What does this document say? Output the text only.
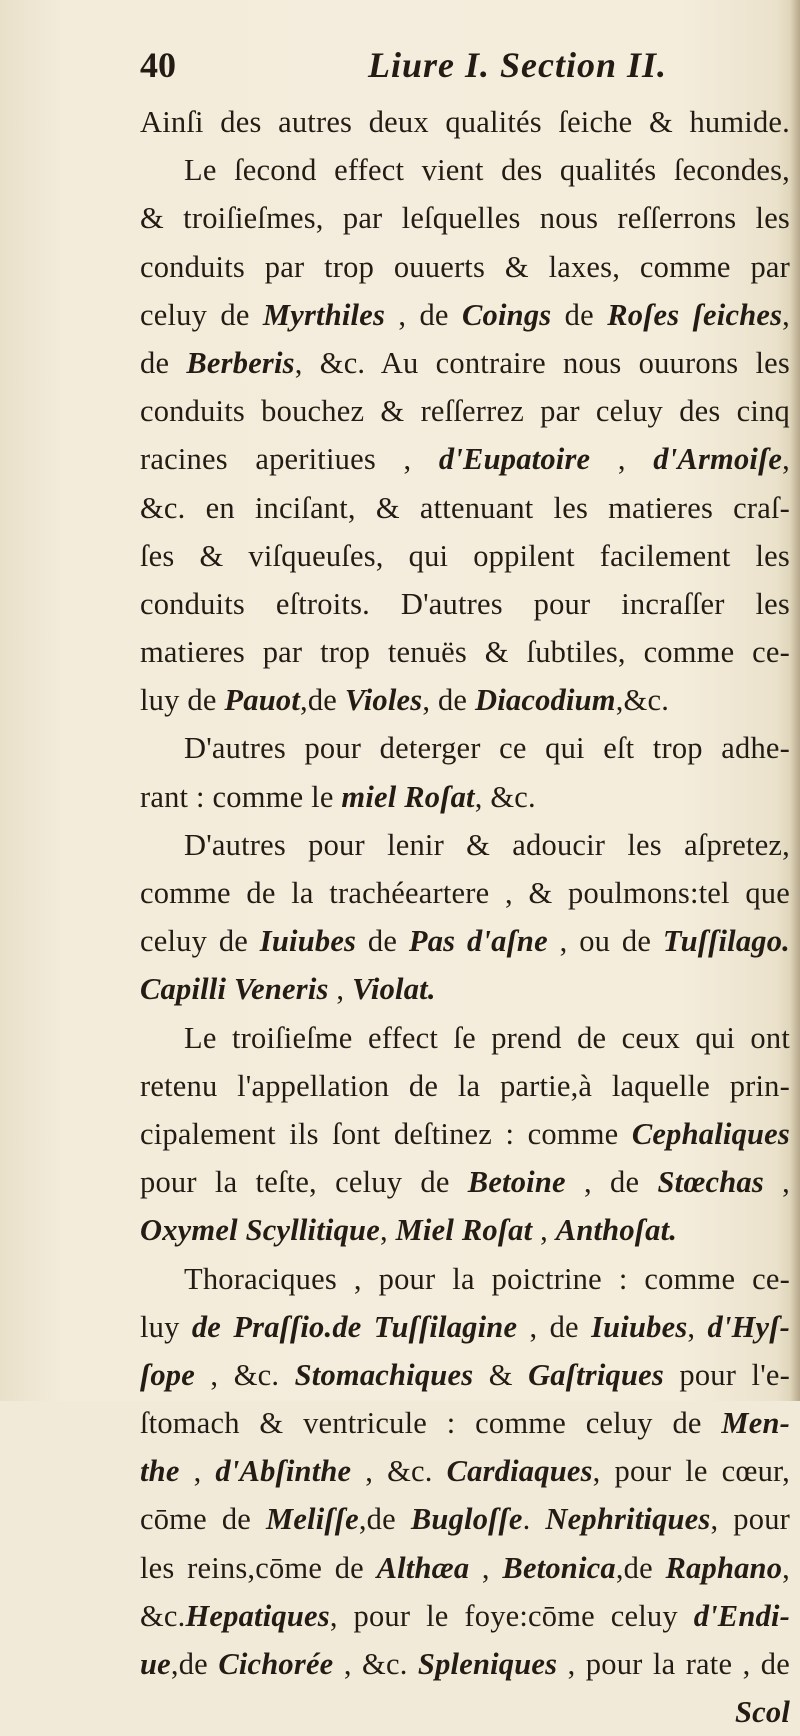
40	Liure I. Section II.
Ainſi des autres deux qualités ſeiche & humide.
Le ſecond effect vient des qualités ſecondes,
& troiſieſmes, par leſquelles nous reſſerrons les
conduits par trop ouuerts & laxes, comme par
celuy de Myrthiles , de Coings de Roſes ſeiches,
de Berberis, &c. Au contraire nous ouurons les
conduits bouchez & reſſerrez par celuy des cinq
racines aperitiues , d'Eupatoire , d'Armoiſe,
&c. en inciſant, & attenuant les matieres craſ-
ſes & viſqueuſes, qui oppilent facilement les
conduits eſtroits. D'autres pour incraſſer les
matieres par trop tenuës & ſubtiles, comme ce-
luy de Pauot,de Violes, de Diacodium,&c.
D'autres pour deterger ce qui eſt trop adhe-
rant : comme le miel Roſat, &c.
D'autres pour lenir & adoucir les aſpretez,
comme de la trachéeartere , & poulmons:tel que
celuy de Iuiubes de Pas d'aſne , ou de Tuſſilago.
Capilli Veneris , Violat.
Le troiſieſme effect ſe prend de ceux qui ont
retenu l'appellation de la partie,à laquelle prin-
cipalement ils ſont deſtinez : comme Cephaliques
pour la teſte, celuy de Betoine , de Stœchas ,
Oxymel Scyllitique, Miel Roſat , Anthoſat.
Thoraciques , pour la poictrine : comme ce-
luy de Praſſio.de Tuſſilagine , de Iuiubes, d'Hyſ-
ſope , &c. Stomachiques & Gaſtriques pour l'e-
ſtomach & ventricule : comme celuy de Men-
the , d'Abſinthe , &c. Cardiaques, pour le cœur,
cōme de Meliſſe,de Bugloſſe. Nephritiques, pour
les reins,cōme de Althæa , Betonica,de Raphano,
&c.Hepatiques, pour le foye:cōme celuy d'Endi-
ue,de Cichorée , &c. Spleniques , pour la rate , de
Scol
